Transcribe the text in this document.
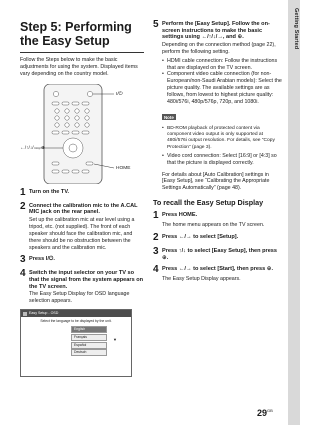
Getting Started
Step 5: Performing the Easy Setup

Follow the Steps below to make the basic adjustments for using the system. Displayed items vary depending on the country model.

I/⏻
←/↑/↓/→, ⊕
HOME
1 Turn on the TV.
2 Connect the calibration mic to the A.CAL MIC jack on the rear panel.

Set up the calibration mic at ear level using a tripod, etc. (not supplied). The front of each speaker should face the calibration mic, and there should be no obstruction between the speakers and the calibration mic.

3 Press I/⏻.
4 Switch the input selector on your TV so that the signal from the system appears on the TV screen.

The Easy Setup Display for OSD language selection appears.

Easy Setup - OSD
Select the language to be displayed by the unit.
English
Français
Español
Deutsch
▼
5 Perform the [Easy Setup]. Follow the on-screen instructions to make the basic settings using ←/↑/↓/→, and ⊕.

Depending on the connection method (page 22), perform the following setting.

• HDMI cable connection: Follow the instructions that are displayed on the TV screen.
• Component video cable connection (for non-European/non-Saudi Arabian models): Select the picture quality. The available settings are as follows, from lowest to highest picture quality: 480i/576i, 480p/576p, 720p, and 1080i.
Note
• BD-ROM playback of protected content via component video output is only supported at 480i/576i output resolution. For details, see “Copy Protection” (page 3).
• Video cord connection: Select [16:9] or [4:3] so that the picture is displayed correctly.

For details about [Auto Calibration] settings in [Easy Setup], see “Calibrating the Appropriate Settings Automatically” (page 48).

To recall the Easy Setup Display
1 Press HOME.

The home menu appears on the TV screen.

2 Press ←/→ to select [Setup].
3 Press ↑/↓ to select [Easy Setup], then press ⊕.
4 Press ←/→ to select [Start], then press ⊕.

The Easy Setup Display appears.

$29^{GB}$
